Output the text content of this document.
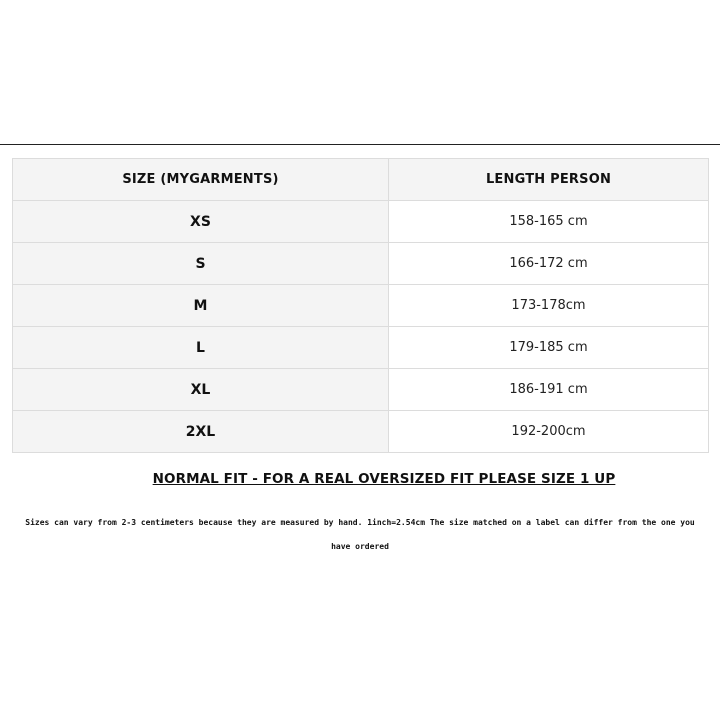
SIZE (MYGARMENTS)	LENGTH PERSON
XS	158-165 cm
S	166-172 cm
M	173-178cm
L	179-185 cm
XL	186-191 cm
2XL	192-200cm
NORMAL FIT - FOR A REAL OVERSIZED FIT PLEASE SIZE 1 UP
Sizes can vary from 2-3 centimeters because they are measured by hand. 1inch=2.54cm The size matched on a label can differ from the one you have ordered
